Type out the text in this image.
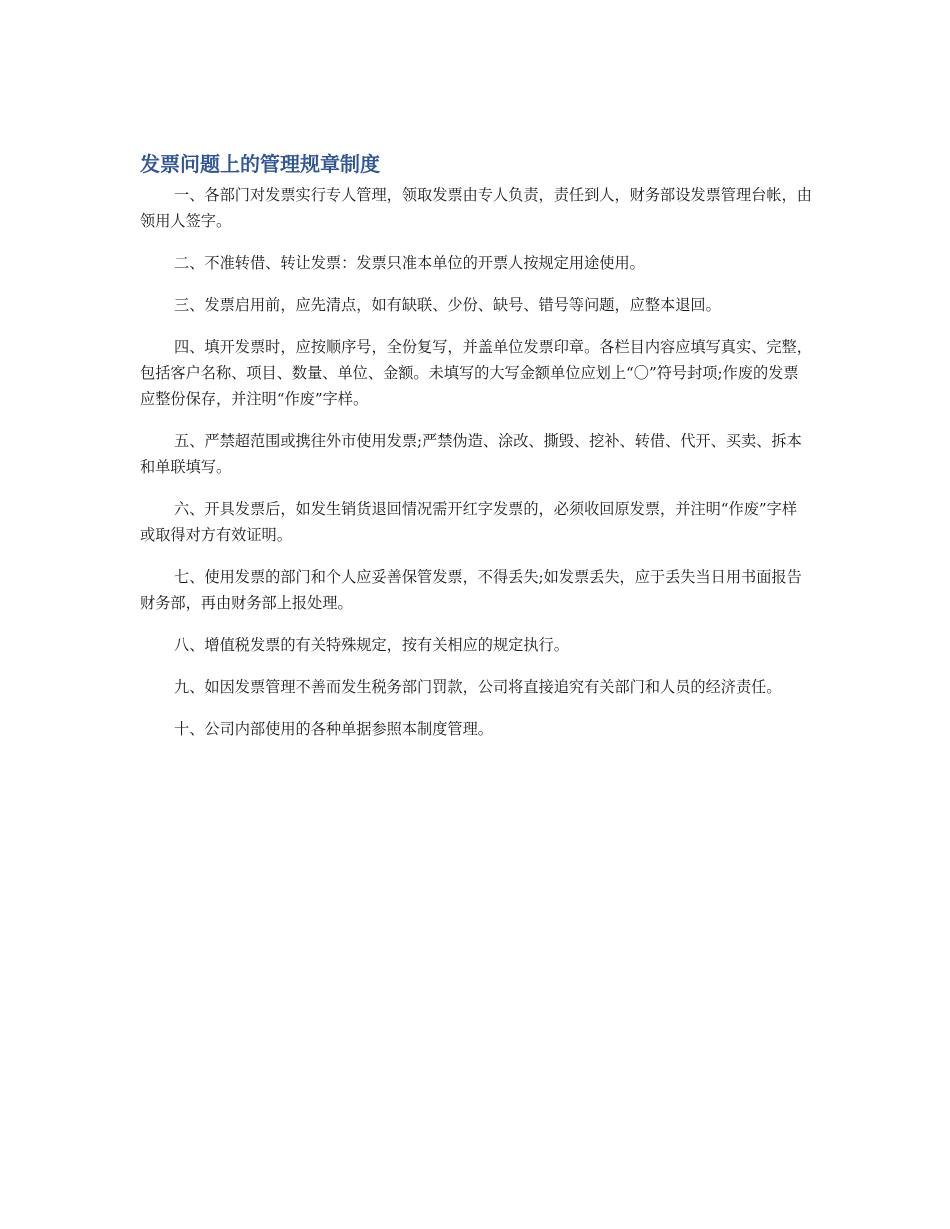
发票问题上的管理规章制度

一、各部门对发票实行专人管理，领取发票由专人负责，责任到人，财务部设发票管理台帐，由领用人签字。

二、不准转借、转让发票：发票只准本单位的开票人按规定用途使用。

三、发票启用前，应先清点，如有缺联、少份、缺号、错号等问题，应整本退回。

四、填开发票时，应按顺序号，全份复写，并盖单位发票印章。各栏目内容应填写真实、完整，包括客户名称、项目、数量、单位、金额。未填写的大写金额单位应划上“〇”符号封项;作废的发票应整份保存，并注明“作废”字样。

五、严禁超范围或携往外市使用发票;严禁伪造、涂改、撕毁、挖补、转借、代开、买卖、拆本和单联填写。

六、开具发票后，如发生销货退回情况需开红字发票的，必须收回原发票，并注明“作废”字样或取得对方有效证明。

七、使用发票的部门和个人应妥善保管发票，不得丢失;如发票丢失，应于丢失当日用书面报告财务部，再由财务部上报处理。

八、增值税发票的有关特殊规定，按有关相应的规定执行。

九、如因发票管理不善而发生税务部门罚款，公司将直接追究有关部门和人员的经济责任。

十、公司内部使用的各种单据参照本制度管理。
